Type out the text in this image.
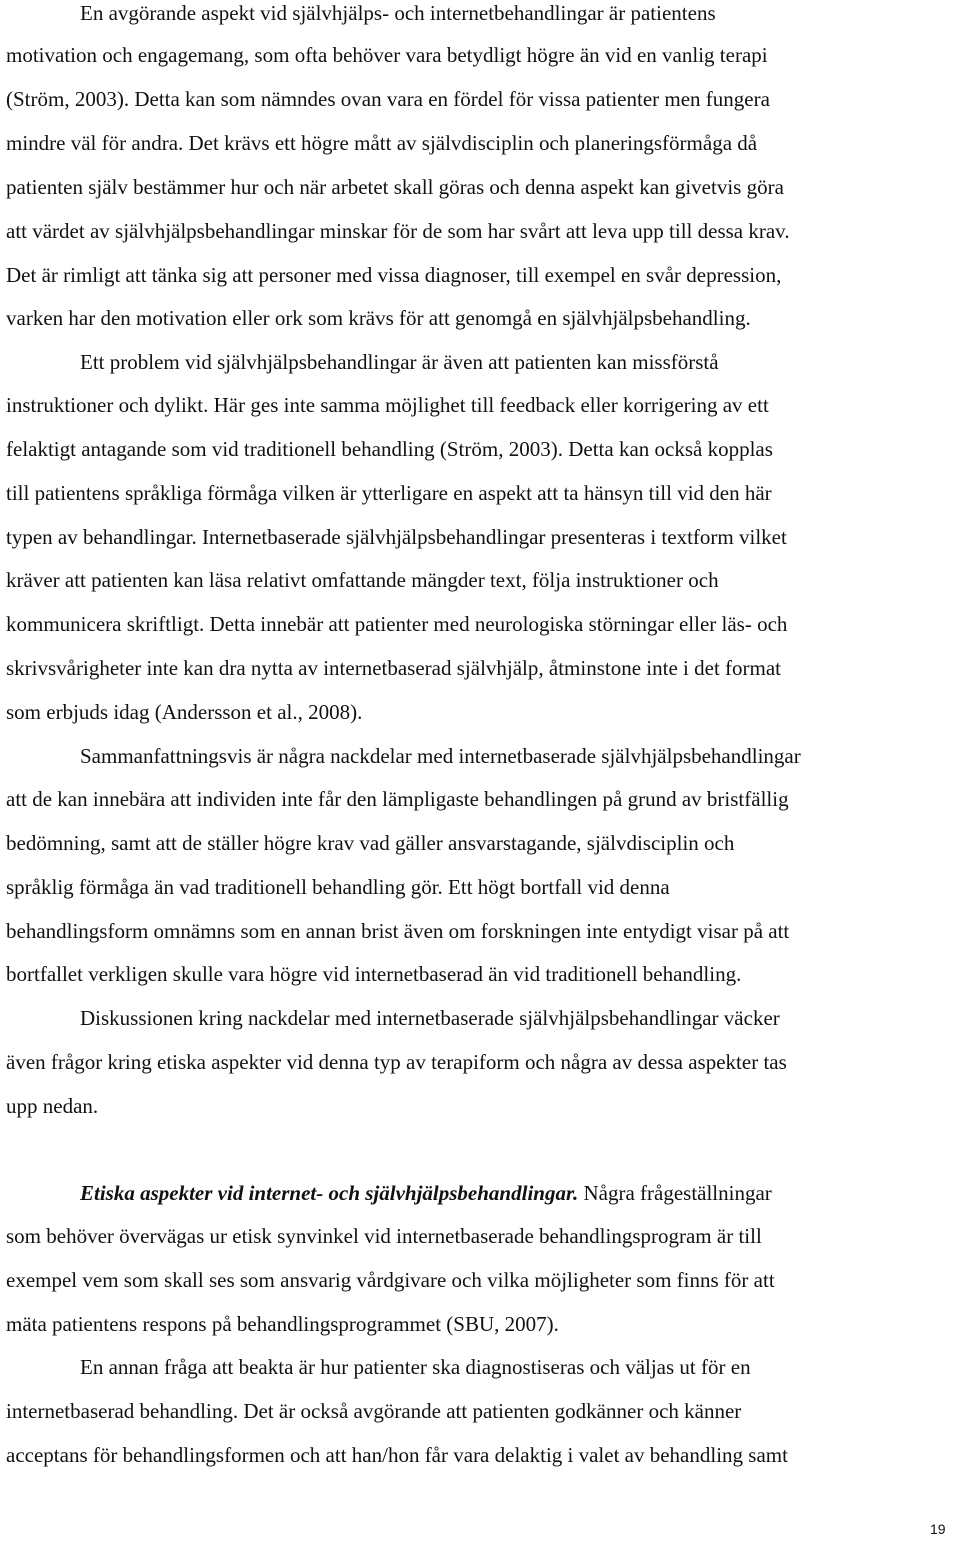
En avgörande aspekt vid självhjälps- och internetbehandlingar är patientens
motivation och engagemang, som ofta behöver vara betydligt högre än vid en vanlig terapi
(Ström, 2003). Detta kan som nämndes ovan vara en fördel för vissa patienter men fungera
mindre väl för andra. Det krävs ett högre mått av självdisciplin och planeringsförmåga då
patienten själv bestämmer hur och när arbetet skall göras och denna aspekt kan givetvis göra
att värdet av självhjälpsbehandlingar minskar för de som har svårt att leva upp till dessa krav.
Det är rimligt att tänka sig att personer med vissa diagnoser, till exempel en svår depression,
varken har den motivation eller ork som krävs för att genomgå en självhjälpsbehandling.
Ett problem vid självhjälpsbehandlingar är även att patienten kan missförstå
instruktioner och dylikt. Här ges inte samma möjlighet till feedback eller korrigering av ett
felaktigt antagande som vid traditionell behandling (Ström, 2003). Detta kan också kopplas
till patientens språkliga förmåga vilken är ytterligare en aspekt att ta hänsyn till vid den här
typen av behandlingar. Internetbaserade självhjälpsbehandlingar presenteras i textform vilket
kräver att patienten kan läsa relativt omfattande mängder text, följa instruktioner och
kommunicera skriftligt. Detta innebär att patienter med neurologiska störningar eller läs- och
skrivsvårigheter inte kan dra nytta av internetbaserad självhjälp, åtminstone inte i det format
som erbjuds idag (Andersson et al., 2008).
Sammanfattningsvis är några nackdelar med internetbaserade självhjälpsbehandlingar
att de kan innebära att individen inte får den lämpligaste behandlingen på grund av bristfällig
bedömning, samt att de ställer högre krav vad gäller ansvarstagande, självdisciplin och
språklig förmåga än vad traditionell behandling gör. Ett högt bortfall vid denna
behandlingsform omnämns som en annan brist även om forskningen inte entydigt visar på att
bortfallet verkligen skulle vara högre vid internetbaserad än vid traditionell behandling.
Diskussionen kring nackdelar med internetbaserade självhjälpsbehandlingar väcker
även frågor kring etiska aspekter vid denna typ av terapiform och några av dessa aspekter tas
upp nedan.
Etiska aspekter vid internet- och självhjälpsbehandlingar. Några frågeställningar
som behöver övervägas ur etisk synvinkel vid internetbaserade behandlingsprogram är till
exempel vem som skall ses som ansvarig vårdgivare och vilka möjligheter som finns för att
mäta patientens respons på behandlingsprogrammet (SBU, 2007).
En annan fråga att beakta är hur patienter ska diagnostiseras och väljas ut för en
internetbaserad behandling. Det är också avgörande att patienten godkänner och känner
acceptans för behandlingsformen och att han/hon får vara delaktig i valet av behandling samt
19
